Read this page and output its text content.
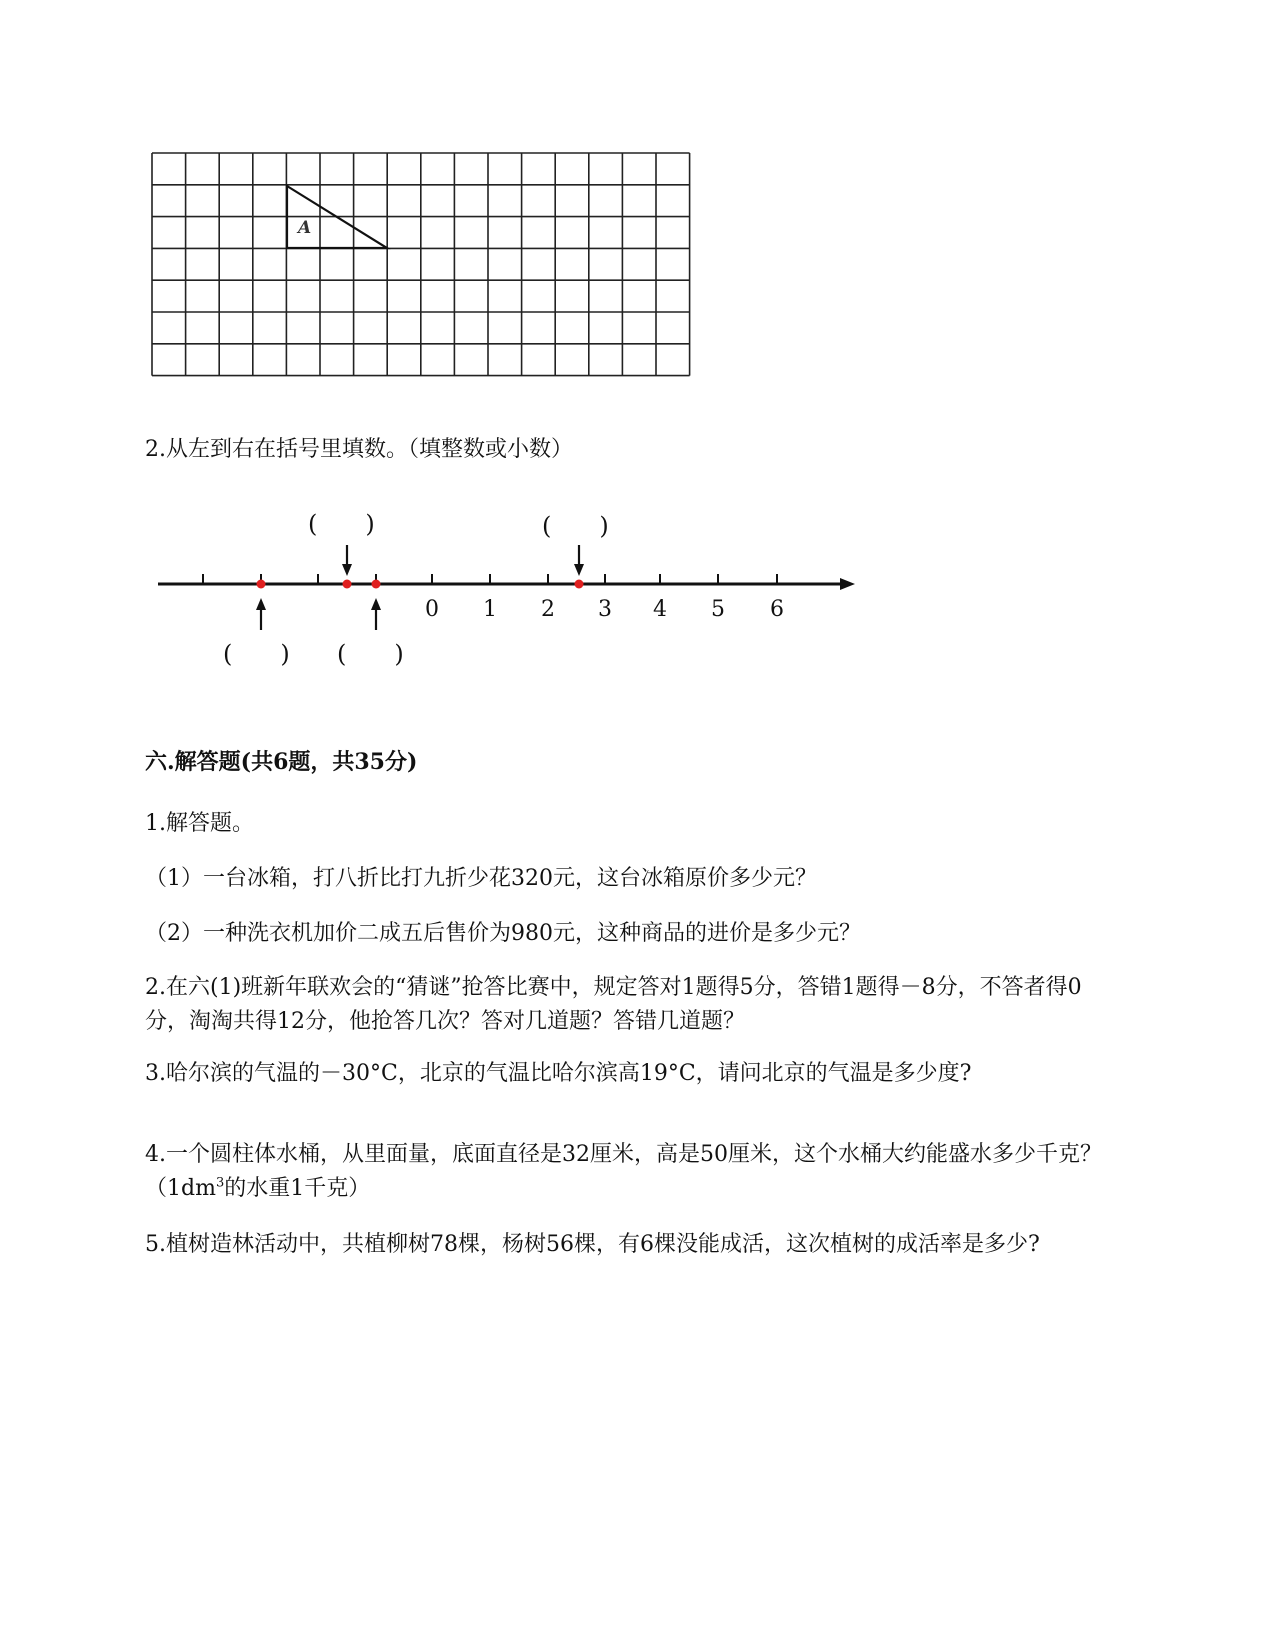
A
2.从左到右在括号里填数。（填整数或小数）
0 1 2 3 4 5 6
(　　)	(　　)
(　　) (　　)
六.解答题(共6题，共35分)
1.解答题。
（1）一台冰箱，打八折比打九折少花320元，这台冰箱原价多少元？
（2）一种洗衣机加价二成五后售价为980元，这种商品的进价是多少元？
2.在六(1)班新年联欢会的“猜谜”抢答比赛中，规定答对1题得5分，答错1题得－8分，不答者得0分，淘淘共得12分，他抢答几次？答对几道题？答错几道题？
3.哈尔滨的气温的－30°C，北京的气温比哈尔滨高19°C，请问北京的气温是多少度?
4.一个圆柱体水桶，从里面量，底面直径是32厘米，高是50厘米，这个水桶大约能盛水多少千克？（$1dm^3$的水重1千克）
5.植树造林活动中，共植柳树78棵，杨树56棵，有6棵没能成活，这次植树的成活率是多少?
